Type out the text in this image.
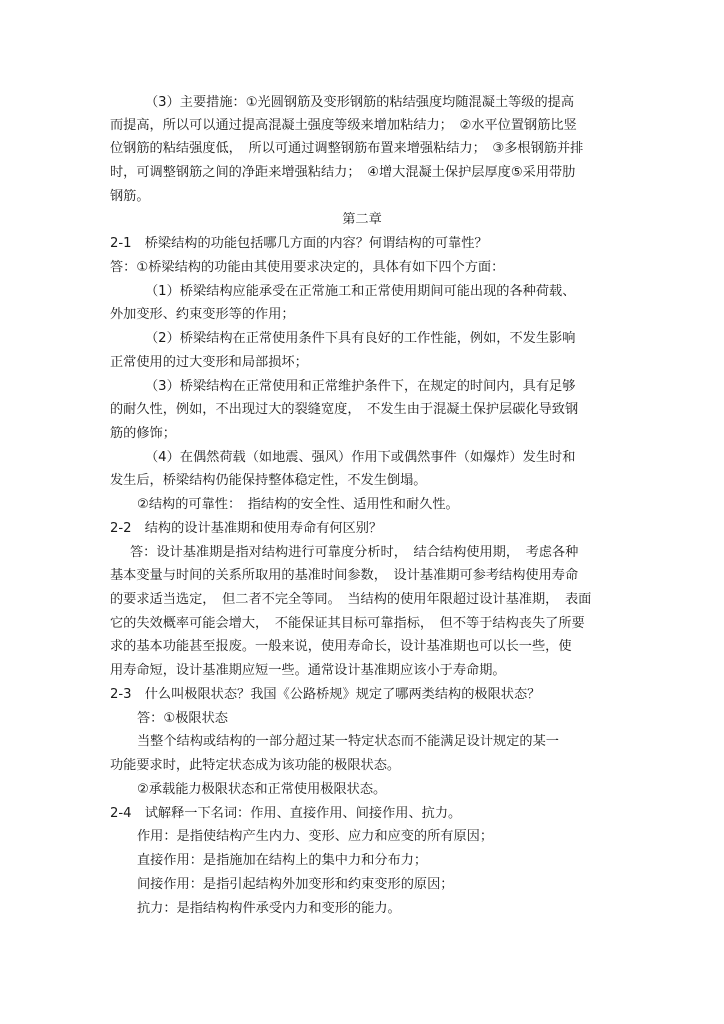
（3）主要措施：①光圆钢筋及变形钢筋的粘结强度均随混凝土等级的提高
而提高，所以可以通过提高混凝土强度等级来增加粘结力；　②水平位置钢筋比竖
位钢筋的粘结强度低，　所以可通过调整钢筋布置来增强粘结力；　③多根钢筋并排
时，可调整钢筋之间的净距来增强粘结力；　④增大混凝土保护层厚度⑤采用带肋
钢筋。
第二章
2-1　桥梁结构的功能包括哪几方面的内容？何谓结构的可靠性？
答：①桥梁结构的功能由其使用要求决定的，具体有如下四个方面：
（1）桥梁结构应能承受在正常施工和正常使用期间可能出现的各种荷载、
外加变形、约束变形等的作用；
（2）桥梁结构在正常使用条件下具有良好的工作性能，例如，不发生影响
正常使用的过大变形和局部损坏；
（3）桥梁结构在正常使用和正常维护条件下，在规定的时间内，具有足够
的耐久性，例如，不出现过大的裂缝宽度，　不发生由于混凝土保护层碳化导致钢
筋的修饰；
（4）在偶然荷载（如地震、强风）作用下或偶然事件（如爆炸）发生时和
发生后，桥梁结构仍能保持整体稳定性，不发生倒塌。
②结构的可靠性：　指结构的安全性、适用性和耐久性。
2-2　结构的设计基准期和使用寿命有何区别？
答：设计基准期是指对结构进行可靠度分析时，　结合结构使用期，　考虑各种
基本变量与时间的关系所取用的基准时间参数，　设计基准期可参考结构使用寿命
的要求适当选定，　但二者不完全等同。　当结构的使用年限超过设计基准期，　表面
它的失效概率可能会增大，　不能保证其目标可靠指标，　但不等于结构丧失了所要
求的基本功能甚至报废。一般来说，使用寿命长，设计基准期也可以长一些，使
用寿命短，设计基准期应短一些。通常设计基准期应该小于寿命期。
2-3　什么叫极限状态？我国《公路桥规》规定了哪两类结构的极限状态？
答：①极限状态
当整个结构或结构的一部分超过某一特定状态而不能满足设计规定的某一
功能要求时，此特定状态成为该功能的极限状态。
②承载能力极限状态和正常使用极限状态。
2-4　试解释一下名词：作用、直接作用、间接作用、抗力。
作用：是指使结构产生内力、变形、应力和应变的所有原因；
直接作用：是指施加在结构上的集中力和分布力；
间接作用：是指引起结构外加变形和约束变形的原因；
抗力：是指结构构件承受内力和变形的能力。
